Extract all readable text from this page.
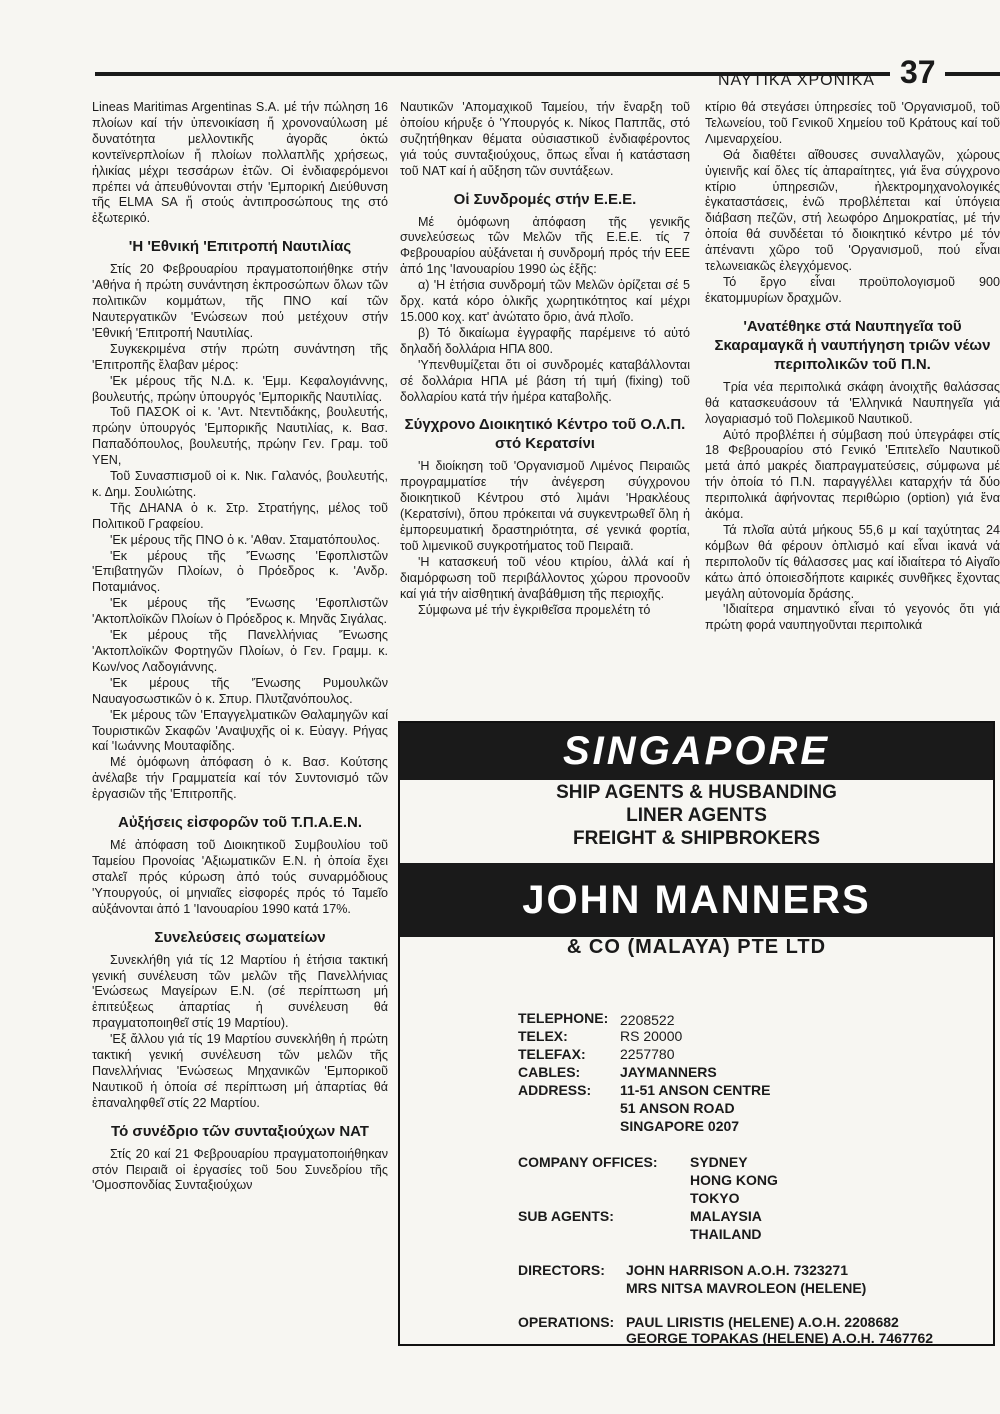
ΝΑΥΤΙΚΑ ΧΡΟΝΙΚΑ 37

Lineas Maritimas Argentinas S.A. μέ τήν πώληση 16 πλοίων καί τήν ὑπενοικίαση ἤ χρονοναύλωση μέ δυνατότητα μελλοντικῆς ἀγορᾶς ὀκτώ κοντεϊνερπλοίων ἤ πλοίων πολλαπλῆς χρήσεως, ἡλικίας μέχρι τεσσάρων ἐτῶν. Οἱ ἐνδιαφερόμενοι πρέπει νά ἀπευθύνονται στήν 'Εμπορική Διεύθυνση τῆς ELMA SA ἤ στούς ἀντιπροσώπους της στό ἐξωτερικό.

'Η 'Εθνική 'Επιτροπή Ναυτιλίας

Στίς 20 Φεβρουαρίου πραγματοποιήθηκε στήν 'Αθήνα ἡ πρώτη συνάντηση ἐκπροσώπων ὅλων τῶν πολιτικῶν κομμάτων, τῆς ΠΝΟ καί τῶν Ναυτεργατικῶν 'Ενώσεων πού μετέχουν στήν 'Εθνική 'Επιτροπή Ναυτιλίας.

Συγκεκριμένα στήν πρώτη συνάντηση τῆς 'Επιτροπῆς ἔλαβαν μέρος:

'Εκ μέρους τῆς Ν.Δ. κ. 'Εμμ. Κεφαλογιάννης, βουλευτής, πρώην ὑπουργός 'Εμπορικῆς Ναυτιλίας.

Τοῦ ΠΑΣΟΚ οἱ κ. 'Αντ. Ντεντιδάκης, βουλευτής, πρώην ὑπουργός 'Εμπορικῆς Ναυτιλίας, κ. Βασ. Παπαδόπουλος, βουλευτής, πρώην Γεν. Γραμ. τοῦ ΥΕΝ,

Τοῦ Συνασπισμοῦ οἱ κ. Νικ. Γαλανός, βουλευτής, κ. Δημ. Σουλιώτης.

Τῆς ΔΗΑΝΑ ὁ κ. Στρ. Στρατήγης, μέλος τοῦ Πολιτικοῦ Γραφείου.

'Εκ μέρους τῆς ΠΝΟ ὁ κ. 'Αθαν. Σταματόπουλος.

'Εκ μέρους τῆς 'Ένωσης 'Εφοπλιστῶν 'Επιβατηγῶν Πλοίων, ὁ Πρόεδρος κ. 'Ανδρ. Ποταμιάνος.

'Εκ μέρους τῆς 'Ένωσης 'Εφοπλιστῶν 'Ακτοπλοϊκῶν Πλοίων ὁ Πρόεδρος κ. Μηνᾶς Σιγάλας.

'Εκ μέρους τῆς Πανελλήνιας 'Ένωσης 'Ακτοπλοϊκῶν Φορτηγῶν Πλοίων, ὁ Γεν. Γραμμ. κ. Κων/νος Λαδογιάννης.

'Εκ μέρους τῆς 'Ένωσης Ρυμουλκῶν Ναυαγοσωστικῶν ὁ κ. Σπυρ. Πλυτζανόπουλος.

'Εκ μέρους τῶν 'Επαγγελματικῶν Θαλαμηγῶν καί Τουριστικῶν Σκαφῶν 'Αναψυχῆς οἱ κ. Εὐαγγ. Ρήγας καί 'Ιωάννης Μουταφίδης.

Μέ ὁμόφωνη ἀπόφαση ὁ κ. Βασ. Κούτσης ἀνέλαβε τήν Γραμματεία καί τόν Συντονισμό τῶν ἐργασιῶν τῆς 'Επιτροπῆς.

Αὐξήσεις εἰσφορῶν τοῦ Τ.Π.Α.Ε.Ν.

Μέ ἀπόφαση τοῦ Διοικητικοῦ Συμβουλίου τοῦ Ταμείου Προνοίας 'Αξιωματικῶν Ε.Ν. ἡ ὁποία ἔχει σταλεῖ πρός κύρωση ἀπό τούς συναρμόδιους 'Υπουργούς, οἱ μηνιαῖες εἰσφορές πρός τό Ταμεῖο αὐξάνονται ἀπό 1 'Ιανουαρίου 1990 κατά 17%.

Συνελεύσεις σωματείων

Συνεκλήθη γιά τίς 12 Μαρτίου ἡ ἐτήσια τακτική γενική συνέλευση τῶν μελῶν τῆς Πανελλήνιας 'Ενώσεως Μαγείρων Ε.Ν. (σέ περίπτωση μή ἐπιτεύξεως ἀπαρτίας ἡ συνέλευση θά πραγματοποιηθεῖ στίς 19 Μαρτίου).

'Εξ ἄλλου γιά τίς 19 Μαρτίου συνεκλήθη ἡ πρώτη τακτική γενική συνέλευση τῶν μελῶν τῆς Πανελλήνιας 'Ενώσεως Μηχανικῶν 'Εμπορικοῦ Ναυτικοῦ ἡ ὁποία σέ περίπτωση μή ἀπαρτίας θά ἐπαναληφθεῖ στίς 22 Μαρτίου.

Τό συνέδριο τῶν συνταξιούχων ΝΑΤ

Στίς 20 καί 21 Φεβρουαρίου πραγματοποιήθηκαν στόν Πειραιᾶ οἱ ἐργασίες τοῦ 5ου Συνεδρίου τῆς 'Ομοσπονδίας Συνταξιούχων

Ναυτικῶν 'Απομαχικοῦ Ταμείου, τήν ἔναρξη τοῦ ὁποίου κήρυξε ὁ 'Υπουργός κ. Νίκος Παππᾶς, στό συζητήθηκαν θέματα οὐσιαστικοῦ ἐνδιαφέροντος γιά τούς συνταξιούχους, ὅπως εἶναι ἡ κατάσταση τοῦ ΝΑΤ καί ἡ αὔξηση τῶν συντάξεων.

Οἱ Συνδρομές στήν Ε.Ε.Ε.

Μέ ὁμόφωνη ἀπόφαση τῆς γενικῆς συνελεύσεως τῶν Μελῶν τῆς Ε.Ε.Ε. τίς 7 Φεβρουαρίου αὐξάνεται ἡ συνδρομή πρός τήν ΕΕΕ ἀπό 1ης 'Ιανουαρίου 1990 ὡς ἑξῆς:

α) 'Η ἐτήσια συνδρομή τῶν Μελῶν ὁρίζεται σέ 5 δρχ. κατά κόρο ὁλικῆς χωρητικότητος καί μέχρι 15.000 κοχ. κατ' ἀνώτατο ὅριο, ἀνά πλοῖο.

β) Τό δικαίωμα ἐγγραφῆς παρέμεινε τό αὐτό δηλαδή δολλάρια ΗΠΑ 800.

'Υπενθυμίζεται ὅτι οἱ συνδρομές καταβάλλονται σέ δολλάρια ΗΠΑ μέ βάση τή τιμή (fixing) τοῦ δολλαρίου κατά τήν ἡμέρα καταβολῆς.

Σύγχρονο Διοικητικό Κέντρο τοῦ Ο.Λ.Π. στό Κερατσίνι

'Η διοίκηση τοῦ 'Οργανισμοῦ Λιμένος Πειραιῶς προγραμματίσε τήν ἀνέγερση σύγχρονου διοικητικοῦ Κέντρου στό λιμάνι 'Ηρακλέους (Κερατσίνι), ὅπου πρόκειται νά συγκεντρωθεῖ ὅλη ἡ ἐμπορευματική δραστηριότητα, σέ γενικά φορτία, τοῦ λιμενικοῦ συγκροτήματος τοῦ Πειραιᾶ.

'Η κατασκευή τοῦ νέου κτιρίου, ἀλλά καί ἡ διαμόρφωση τοῦ περιβάλλοντος χώρου προνοοῦν καί γιά τήν αἰσθητική ἀναβάθμιση τῆς περιοχῆς.

Σύμφωνα μέ τήν ἐγκριθεῖσα προμελέτη τό

κτίριο θά στεγάσει ὑπηρεσίες τοῦ 'Οργανισμοῦ, τοῦ Τελωνείου, τοῦ Γενικοῦ Χημείου τοῦ Κράτους καί τοῦ Λιμεναρχείου.

Θά διαθέτει αἴθουσες συναλλαγῶν, χώρους ὑγιεινῆς καί ὅλες τίς ἀπαραίτητες, γιά ἕνα σύγχρονο κτίριο ὑπηρεσιῶν, ἠλεκτρομηχανολογικές ἐγκαταστάσεις, ἐνῶ προβλέπεται καί ὑπόγεια διάβαση πεζῶν, στή λεωφόρο Δημοκρατίας, μέ τήν ὁποία θά συνδέεται τό διοικητικό κέντρο μέ τόν ἀπέναντι χῶρο τοῦ 'Οργανισμοῦ, πού εἶναι τελωνειακῶς ἐλεγχόμενος.

Τό ἔργο εἶναι προϋπολογισμοῦ 900 ἑκατομμυρίων δραχμῶν.

'Ανατέθηκε στά Ναυπηγεῖα τοῦ Σκαραμαγκᾶ ἡ ναυπήγηση τριῶν νέων περιπολικῶν τοῦ Π.Ν.

Τρία νέα περιπολικά σκάφη ἀνοιχτῆς θαλάσσας θά κατασκευάσουν τά 'Ελληνικά Ναυπηγεῖα γιά λογαριασμό τοῦ Πολεμικοῦ Ναυτικοῦ.

Αὐτό προβλέπει ἡ σύμβαση πού ὑπεγράφει στίς 18 Φεβρουαρίου στό Γενικό 'Επιτελεῖο Ναυτικοῦ μετά ἀπό μακρές διαπραγματεύσεις, σύμφωνα μέ τήν ὁποία τό Π.Ν. παραγγέλλει καταρχήν τά δύο περιπολικά ἀφήνοντας περιθώριο (option) γιά ἕνα ἀκόμα.

Τά πλοῖα αὐτά μήκους 55,6 μ καί ταχύτητας 24 κόμβων θά φέρουν ὁπλισμό καί εἶναι ἱκανά νά περιπολοῦν τίς θάλασσες μας καί ἰδιαίτερα τό Αἰγαῖο κάτω ἀπό ὁποιεσδήποτε καιρικές συνθῆκες ἔχοντας μεγάλη αὐτονομία δράσης.

'Ιδιαίτερα σημαντικό εἶναι τό γεγονός ὅτι γιά πρώτη φορά ναυπηγοῦνται περιπολικά

SINGAPORE
SHIP AGENTS & HUSBANDING
LINER AGENTS
FREIGHT & SHIPBROKERS
JOHN MANNERS
& CO (MALAYA) PTE LTD
TELEPHONE: 2208522
TELEX:	RS 20000
TELEFAX: 2257780
CABLES:	JAYMANNERS
ADDRESS: 11-51 ANSON CENTRE
51 ANSON ROAD
SINGAPORE 0207
COMPANY OFFICES: SYDNEY
HONG KONG
TOKYO
SUB AGENTS:	MALAYSIA
THAILAND
DIRECTORS: JOHN HARRISON A.O.H. 7323271
MRS NITSA MAVROLEON (HELENE)
OPERATIONS: PAUL LIRISTIS (HELENE) A.O.H. 2208682
GEORGE TOPAKAS (HELENE) A.O.H. 7467762
